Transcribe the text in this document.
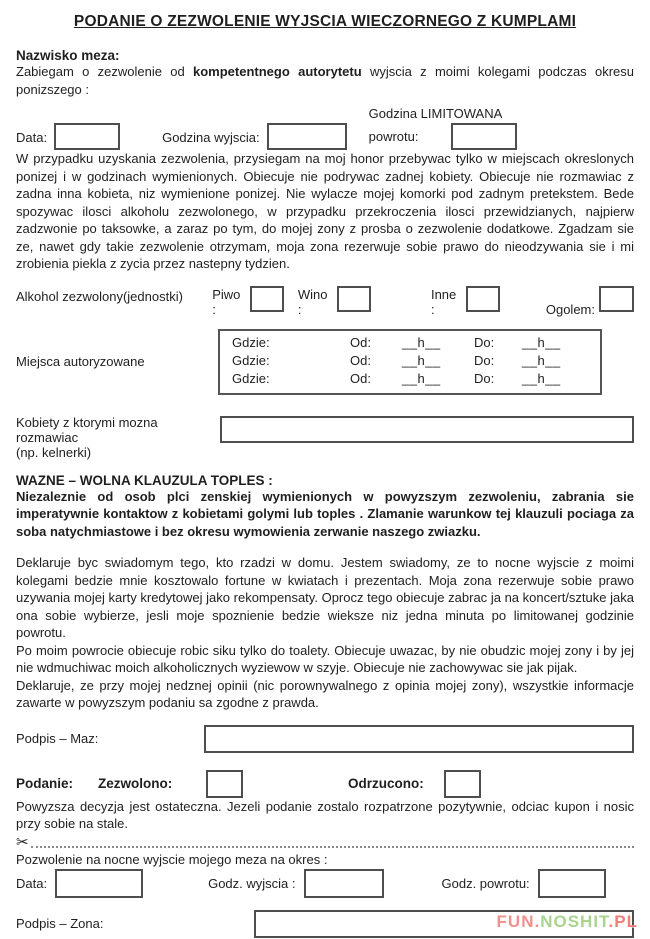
PODANIE O ZEZWOLENIE WYJSCIA WIECZORNEGO Z KUMPLAMI
Nazwisko meza:

Zabiegam o zezwolenie od kompetentnego autorytetu wyjscia z moimi kolegami podczas okresu ponizszego :

Data:	Godzina wyjscia:
Godzina LIMITOWANA
powrotu:

W przypadku uzyskania zezwolenia, przysiegam na moj honor przebywac tylko w miejscach okreslonych ponizej i w godzinach wymienionych. Obiecuje nie podrywac zadnej kobiety. Obiecuje nie rozmawiac z zadna inna kobieta, niz wymienione ponizej. Nie wylacze mojej komorki pod zadnym pretekstem. Bede spozywac ilosci alkoholu zezwolonego, w przypadku przekroczenia ilosci przewidzianych, najpierw zadzwonie po taksowke, a zaraz po tym, do mojej zony z prosba o zezwolenie dodatkowe. Zgadzam sie ze, nawet gdy takie zezwolenie otrzymam, moja zona rezerwuje sobie prawo do nieodzywania sie i mi zrobienia piekla z zycia przez nastepny tydzien.

Alkohol zezwolony(jednostki)	Piwo :
Wino :
Inne :	Ogolem:
Miejsca autoryzowane
Gdzie:	Od:	__h__	Do:	__h__
Gdzie:	Od:	__h__	Do:	__h__
Gdzie:	Od:	__h__	Do:	__h__
Kobiety z ktorymi mozna rozmawiac
(np. kelnerki)
WAZNE – WOLNA KLAUZULA TOPLES :

Niezaleznie od osob plci zenskiej wymienionych w powyzszym zezwoleniu, zabrania sie imperatywnie kontaktow z kobietami golymi lub toples . Zlamanie warunkow tej klauzuli pociaga za soba natychmiastowe i bez okresu wymowienia zerwanie naszego zwiazku.

Deklaruje byc swiadomym tego, kto rzadzi w domu. Jestem swiadomy, ze to nocne wyjscie z moimi kolegami bedzie mnie kosztowalo fortune w kwiatach i prezentach. Moja zona rezerwuje sobie prawo uzywania mojej karty kredytowej jako rekompensaty. Oprocz tego obiecuje zabrac ja na koncert/sztuke jaka ona sobie wybierze, jesli moje spoznienie bedzie wieksze niz jedna minuta po limitowanej godzinie powrotu.

Po moim powrocie obiecuje robic siku tylko do toalety. Obiecuje uwazac, by nie obudzic mojej zony i by jej nie wdmuchiwac moich alkoholicznych wyziewow w szyje. Obiecuje nie zachowywac sie jak pijak.

Deklaruje, ze przy mojej nedznej opinii (nic porownywalnego z opinia mojej zony), wszystkie informacje zawarte w powyzszym podaniu sa zgodne z prawda.

Podpis – Maz:
Podanie:	Zezwolono:	Odrzucono:

Powyzsza decyzja jest ostateczna. Jezeli podanie zostalo rozpatrzone pozytywnie, odciac kupon i nosic przy sobie na stale.

✂
Pozwolenie na nocne wyjscie mojego meza na okres :
Data:	Godz. wyjscia :	Godz. powrotu:
Podpis – Zona:	FUN.NOSHIT.PL
